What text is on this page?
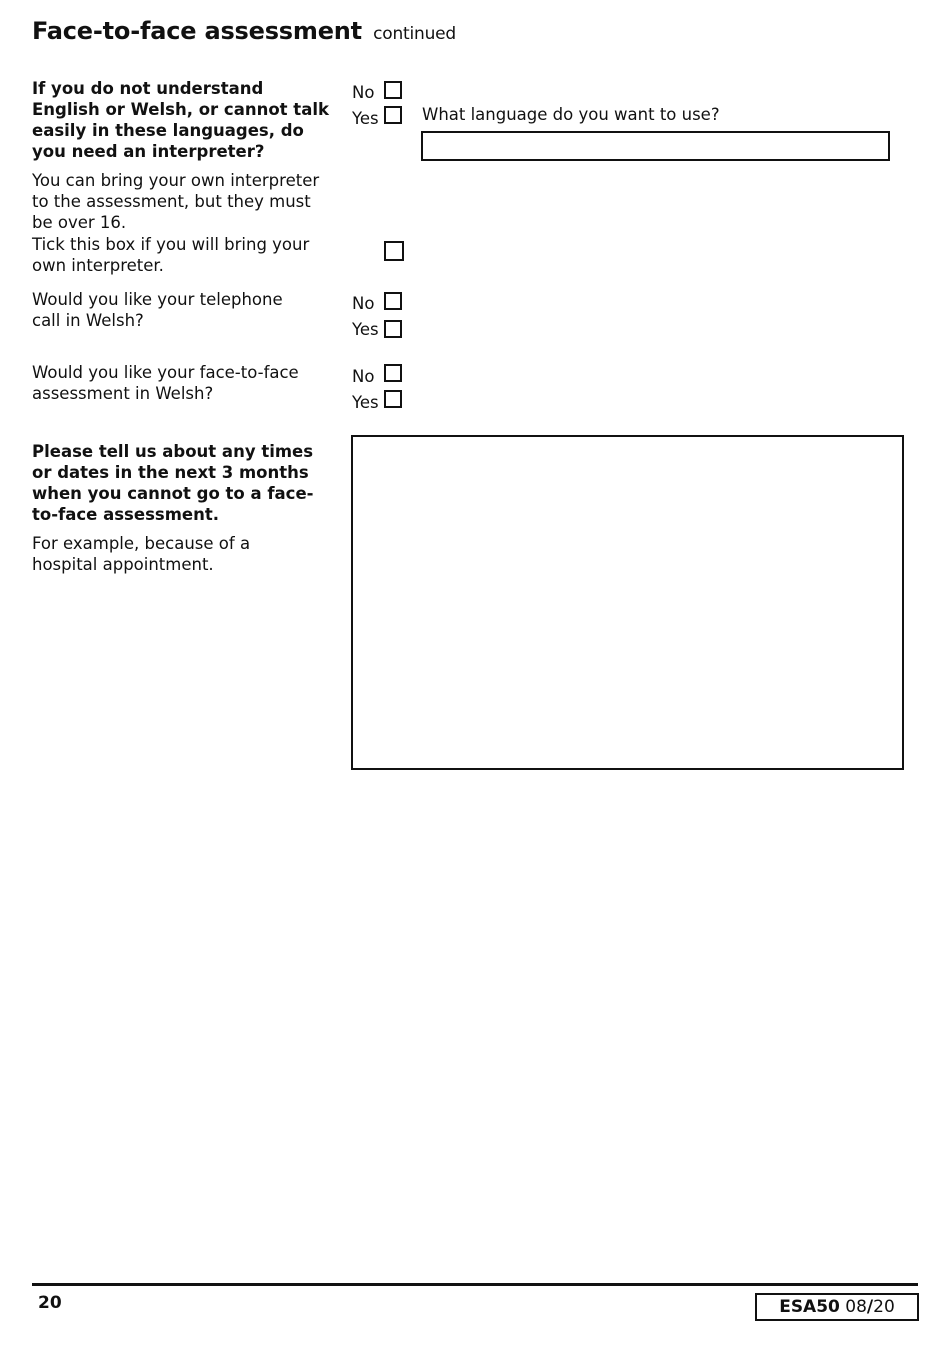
Face-to-face assessment continued
If you do not understand English or Welsh, or cannot talk easily in these languages, do you need an interpreter?
No
Yes	What language do you want to use?
You can bring your own interpreter to the assessment, but they must be over 16.
Tick this box if you will bring your own interpreter.
Would you like your telephone call in Welsh?
No
Yes
Would you like your face-to-face assessment in Welsh?
No
Yes
Please tell us about any times or dates in the next 3 months when you cannot go to a face-to-face assessment.
For example, because of a hospital appointment.
20	ESA50 08/20
